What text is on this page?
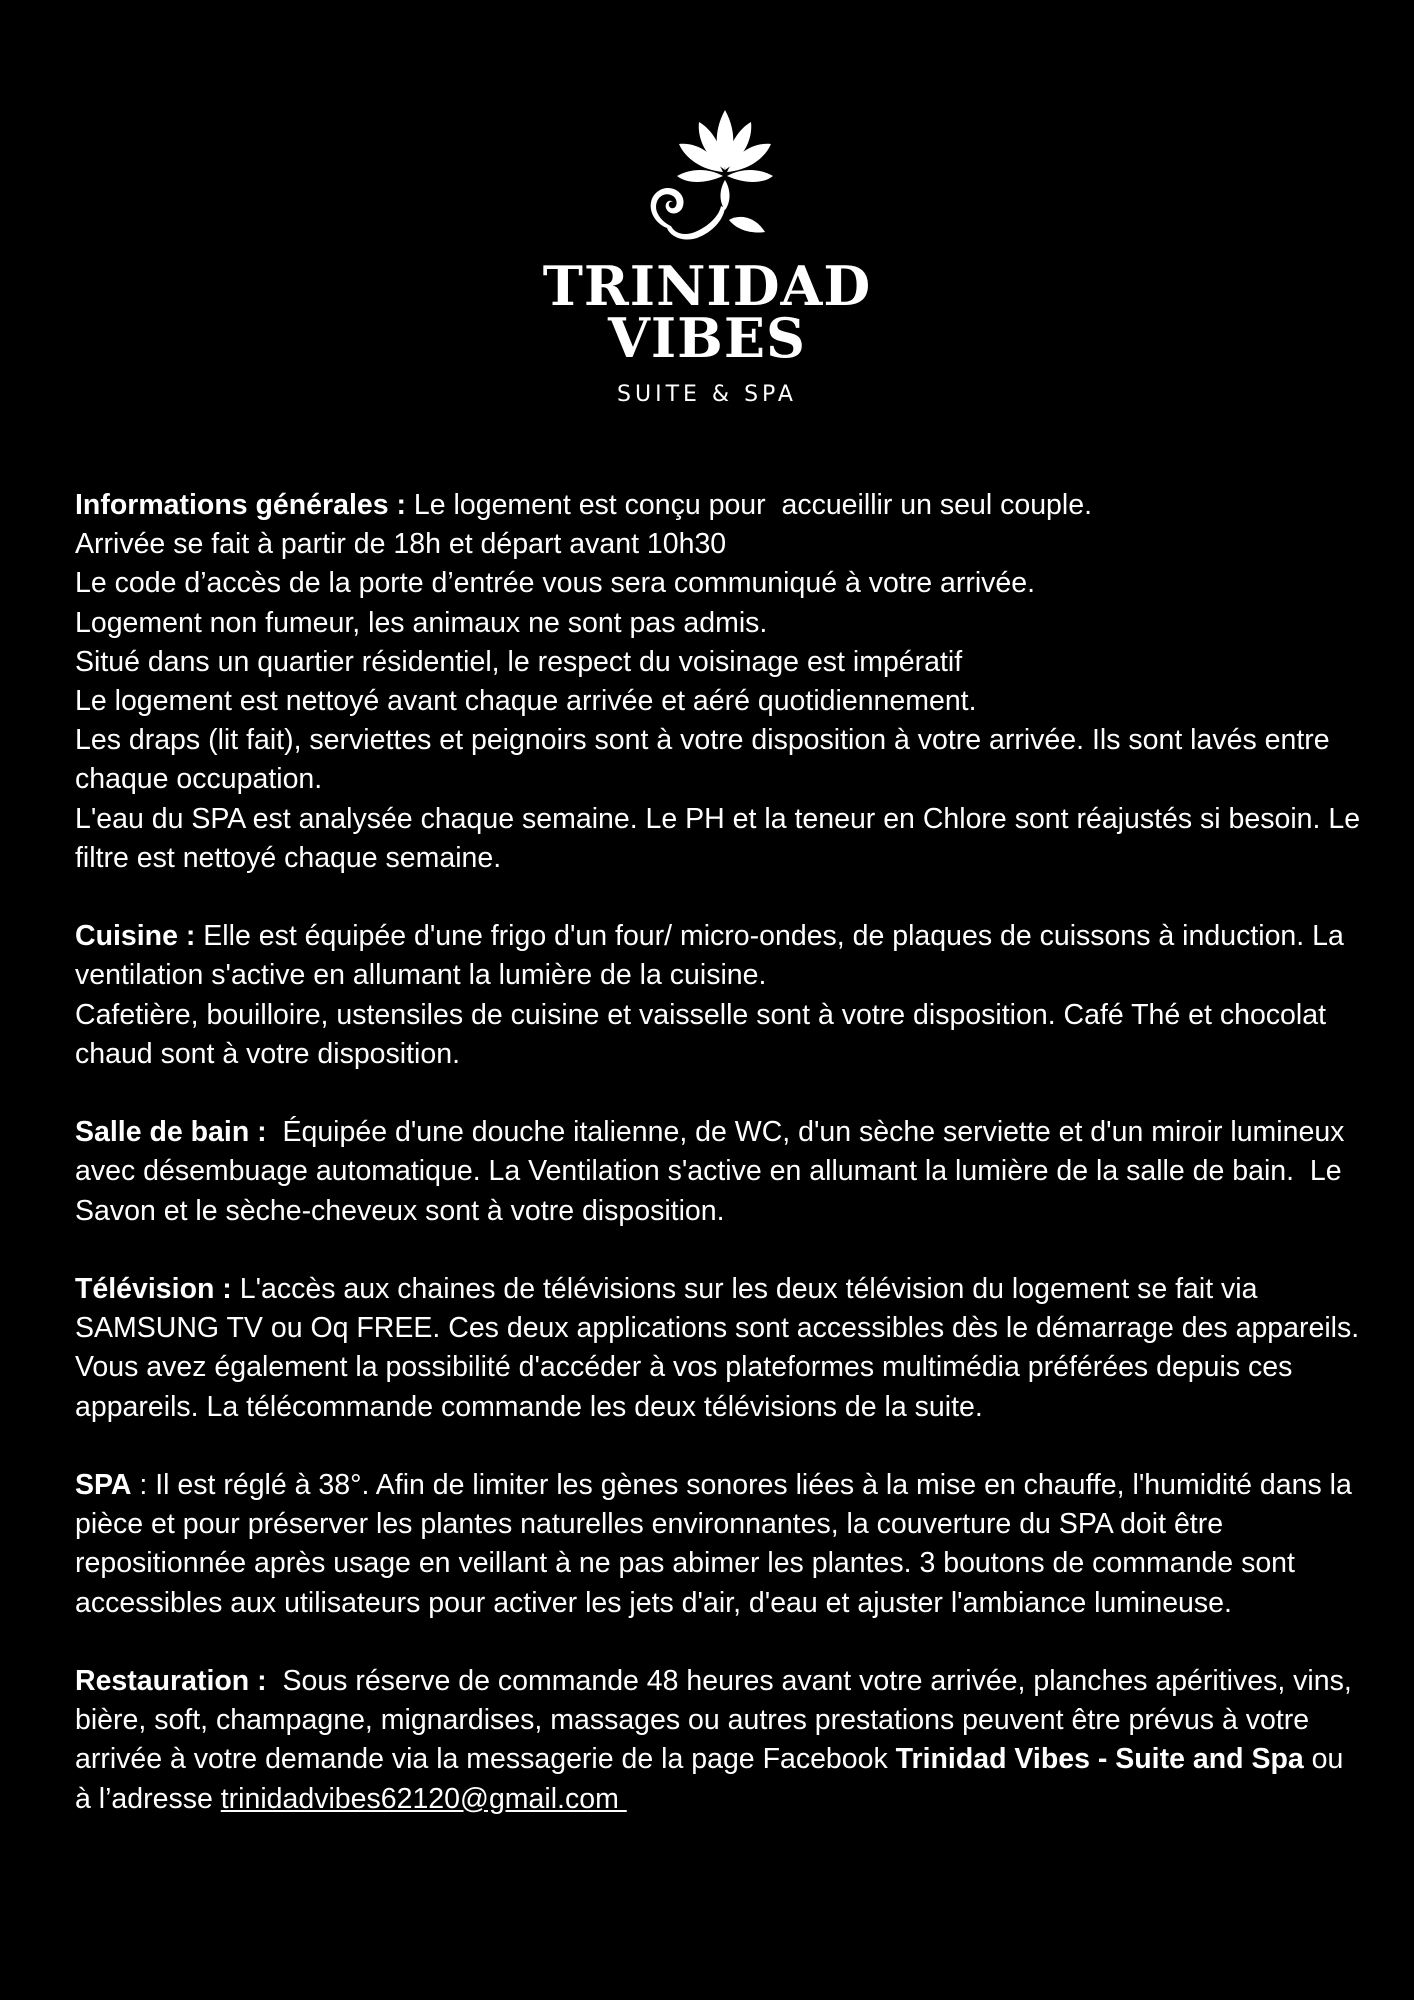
TRINIDAD
VIBES
SUITE & SPA
Informations générales : Le logement est conçu pour  accueillir un seul couple.
Arrivée se fait à partir de 18h et départ avant 10h30
Le code d’accès de la porte d’entrée vous sera communiqué à votre arrivée.
Logement non fumeur, les animaux ne sont pas admis.
Situé dans un quartier résidentiel, le respect du voisinage est impératif
Le logement est nettoyé avant chaque arrivée et aéré quotidiennement.
Les draps (lit fait), serviettes et peignoirs sont à votre disposition à votre arrivée. Ils sont lavés entre chaque occupation.
L'eau du SPA est analysée chaque semaine. Le PH et la teneur en Chlore sont réajustés si besoin. Le filtre est nettoyé chaque semaine.
Cuisine : Elle est équipée d'une frigo d'un four/ micro-ondes, de plaques de cuissons à induction. La ventilation s'active en allumant la lumière de la cuisine.
Cafetière, bouilloire, ustensiles de cuisine et vaisselle sont à votre disposition. Café Thé et chocolat chaud sont à votre disposition.
Salle de bain :  Équipée d'une douche italienne, de WC, d'un sèche serviette et d'un miroir lumineux avec désembuage automatique. La Ventilation s'active en allumant la lumière de la salle de bain.  Le Savon et le sèche-cheveux sont à votre disposition.
Télévision : L'accès aux chaines de télévisions sur les deux télévision du logement se fait via SAMSUNG TV ou Oq FREE. Ces deux applications sont accessibles dès le démarrage des appareils. Vous avez également la possibilité d'accéder à vos plateformes multimédia préférées depuis ces appareils. La télécommande commande les deux télévisions de la suite.
SPA : Il est réglé à 38°. Afin de limiter les gènes sonores liées à la mise en chauffe, l'humidité dans la pièce et pour préserver les plantes naturelles environnantes, la couverture du SPA doit être repositionnée après usage en veillant à ne pas abimer les plantes. 3 boutons de commande sont accessibles aux utilisateurs pour activer les jets d'air, d'eau et ajuster l'ambiance lumineuse.
Restauration :  Sous réserve de commande 48 heures avant votre arrivée, planches apéritives, vins, bière, soft, champagne, mignardises, massages ou autres prestations peuvent être prévus à votre arrivée à votre demande via la messagerie de la page Facebook Trinidad Vibes - Suite and Spa ou à l’adresse trinidadvibes62120@gmail.com
